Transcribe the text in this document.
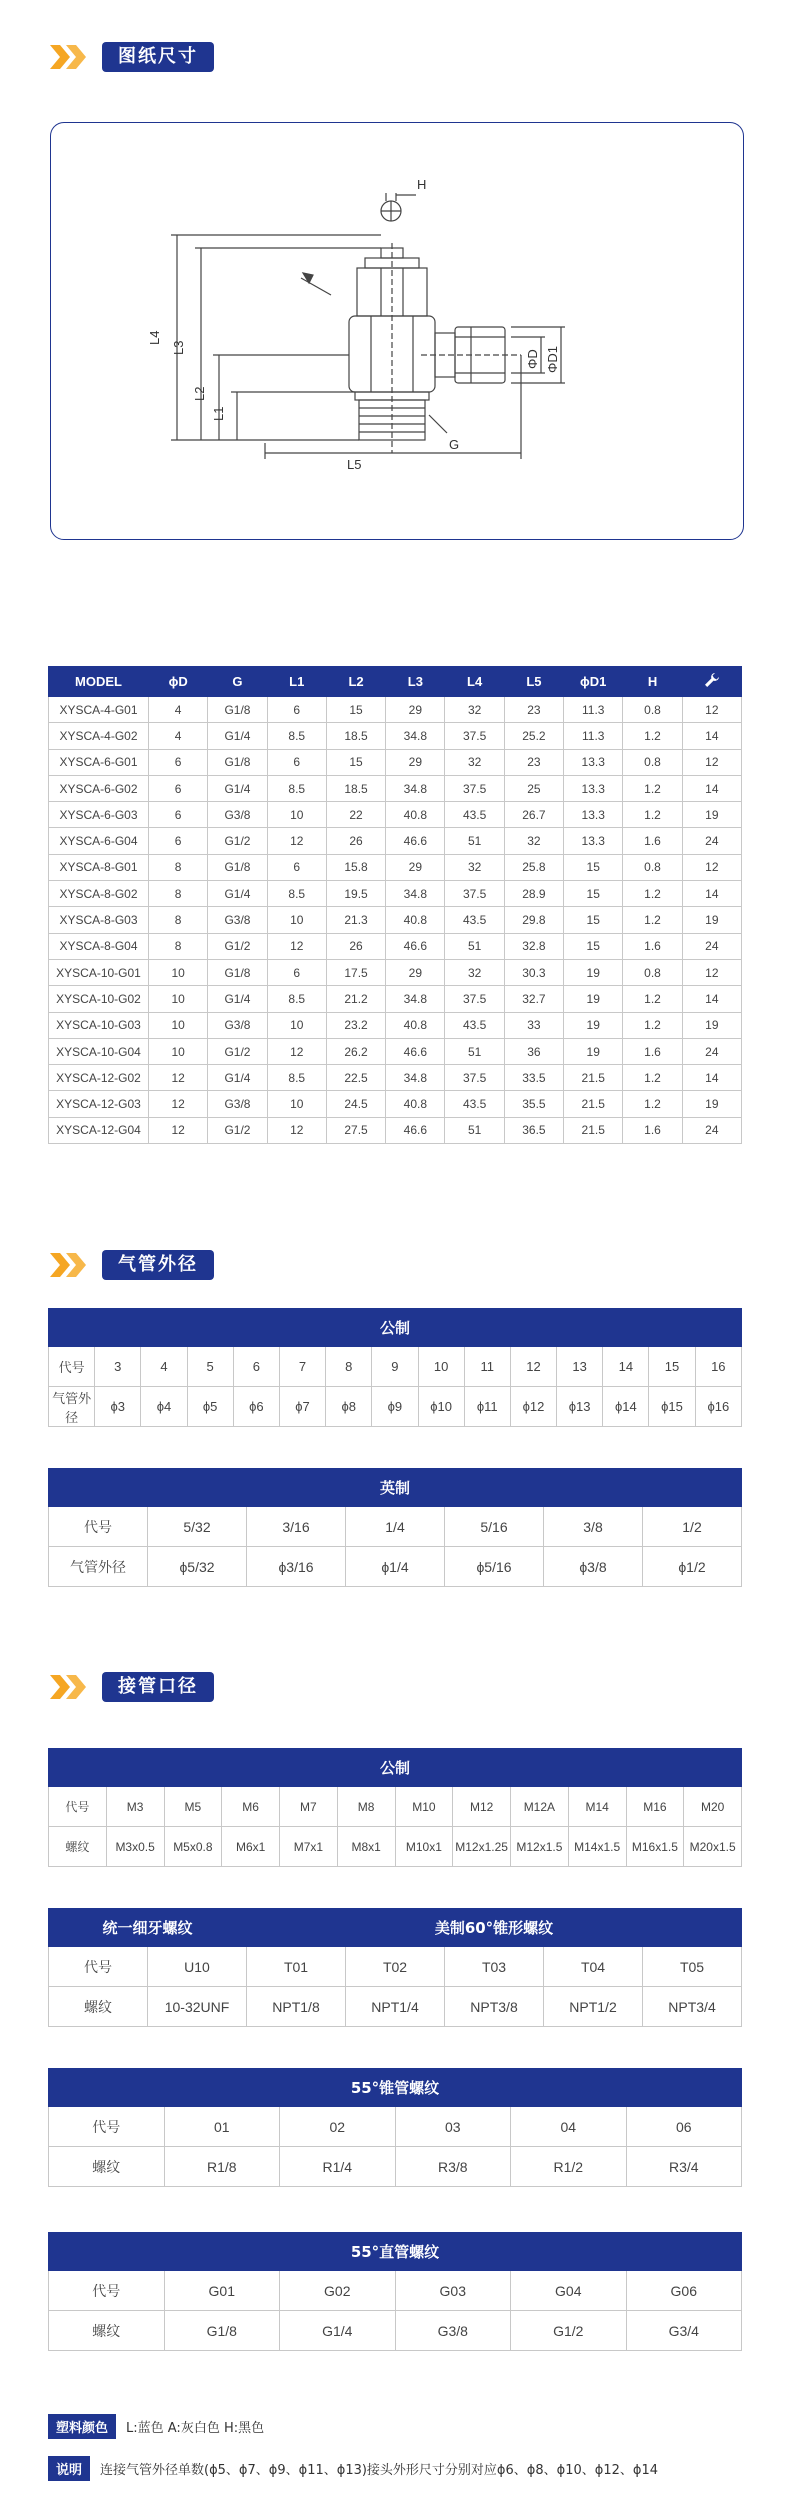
图纸尺寸
H
L4
L3
L2
L1
G
L5
ΦD ΦD1
MODEL	ϕD	G	L1	L2	L3	L4	L5	ϕD1	H	
XYSCA-4-G01	4	G1/8	6	15	29	32	23	11.3	0.8	12
XYSCA-4-G02	4	G1/4	8.5	18.5	34.8	37.5	25.2	11.3	1.2	14
XYSCA-6-G01	6	G1/8	6	15	29	32	23	13.3	0.8	12
XYSCA-6-G02	6	G1/4	8.5	18.5	34.8	37.5	25	13.3	1.2	14
XYSCA-6-G03	6	G3/8	10	22	40.8	43.5	26.7	13.3	1.2	19
XYSCA-6-G04	6	G1/2	12	26	46.6	51	32	13.3	1.6	24
XYSCA-8-G01	8	G1/8	6	15.8	29	32	25.8	15	0.8	12
XYSCA-8-G02	8	G1/4	8.5	19.5	34.8	37.5	28.9	15	1.2	14
XYSCA-8-G03	8	G3/8	10	21.3	40.8	43.5	29.8	15	1.2	19
XYSCA-8-G04	8	G1/2	12	26	46.6	51	32.8	15	1.6	24
XYSCA-10-G01	10	G1/8	6	17.5	29	32	30.3	19	0.8	12
XYSCA-10-G02	10	G1/4	8.5	21.2	34.8	37.5	32.7	19	1.2	14
XYSCA-10-G03	10	G3/8	10	23.2	40.8	43.5	33	19	1.2	19
XYSCA-10-G04	10	G1/2	12	26.2	46.6	51	36	19	1.6	24
XYSCA-12-G02	12	G1/4	8.5	22.5	34.8	37.5	33.5	21.5	1.2	14
XYSCA-12-G03	12	G3/8	10	24.5	40.8	43.5	35.5	21.5	1.2	19
XYSCA-12-G04	12	G1/2	12	27.5	46.6	51	36.5	21.5	1.6	24
气管外径
公制														
代号	3	4	5	6	7	8	9	10	11	12	13	14	15	16
气管外径	ϕ3	ϕ4	ϕ5	ϕ6	ϕ7	ϕ8	ϕ9	ϕ10	ϕ11	ϕ12	ϕ13	ϕ14	ϕ15	ϕ16
英制						
代号	5/32	3/16	1/4	5/16	3/8	1/2
气管外径	ϕ5/32	ϕ3/16	ϕ1/4	ϕ5/16	ϕ3/8	ϕ1/2
接管口径
公制											
代号	M3	M5	M6	M7	M8	M10	M12	M12A	M14	M16	M20
螺纹	M3x0.5	M5x0.8	M6x1	M7x1	M8x1	M10x1	M12x1.25	M12x1.5	M14x1.5	M16x1.5	M20x1.5
统一细牙螺纹		美制60°锥形螺纹				
代号	U10	T01	T02	T03	T04	T05
螺纹	10-32UNF	NPT1/8	NPT1/4	NPT3/8	NPT1/2	NPT3/4
55°锥管螺纹					
代号	01	02	03	04	06
螺纹	R1/8	R1/4	R3/8	R1/2	R3/4
55°直管螺纹					
代号	G01	G02	G03	G04	G06
螺纹	G1/8	G1/4	G3/8	G1/2	G3/4
塑料颜色	L:蓝色 A:灰白色 H:黑色
说明	连接气管外径单数(ϕ5、ϕ7、ϕ9、ϕ11、ϕ13)接头外形尺寸分别对应ϕ6、ϕ8、ϕ10、ϕ12、ϕ14
